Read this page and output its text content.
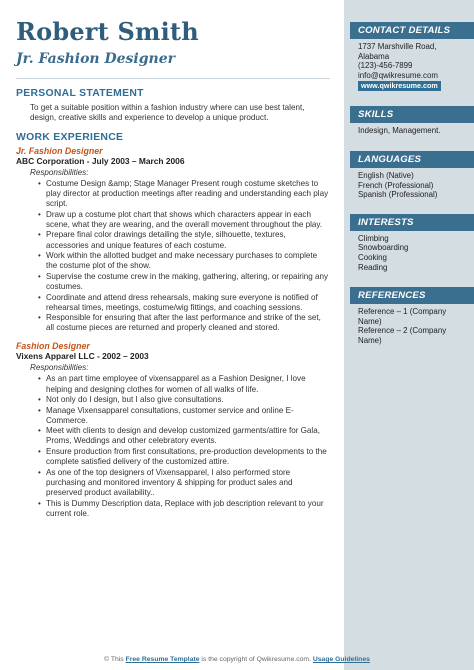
Robert Smith
Jr. Fashion Designer
PERSONAL STATEMENT
To get a suitable position within a fashion industry where can use best talent, design, creative skills and experience to develop a unique product.
WORK EXPERIENCE
Jr. Fashion Designer
ABC Corporation - July 2003 – March 2006
Responsibilities:
• Costume Design &amp; Stage Manager Present rough costume sketches to play director at production meetings after reading and understanding each play script.
• Draw up a costume plot chart that shows which characters appear in each scene, what they are wearing, and the overall movement throughout the play.
• Prepare final color drawings detailing the style, silhouette, textures, accessories and unique features of each costume.
• Work within the allotted budget and make necessary purchases to complete the costume plot of the show.
• Supervise the costume crew in the making, gathering, altering, or repairing any costumes.
• Coordinate and attend dress rehearsals, making sure everyone is notified of rehearsal times, meetings, costume/wig fittings, and coaching sessions.
• Responsible for ensuring that after the last performance and strike of the set, all costume pieces are returned and properly cleaned and stored.
Fashion Designer
Vixens Apparel LLC - 2002 – 2003
Responsibilities:
• As an part time employee of vixensapparel as a Fashion Designer, I love helping and designing clothes for women of all walks of life.
• Not only do I design, but I also give consultations.
• Manage Vixensapparel consultations, customer service and online E-Commerce.
• Meet with clients to design and develop customized garments/attire for Gala, Proms, Weddings and other celebratory events.
• Ensure production from first consultations, pre-production developments to the complete satisfied delivery of the customized attire.
• As one of the top designers of Vixensapparel, I also performed store purchasing and monitored inventory & shipping for product sales and preserved product availability..
• This is Dummy Description data, Replace with job description relevant to your current role.
CONTACT DETAILS
1737 Marshville Road,
Alabama
(123)-456-7899
info@qwikresume.com
www.qwikresume.com
SKILLS
Indesign, Management.
LANGUAGES
English (Native)
French (Professional)
Spanish (Professional)
INTERESTS
Climbing
Snowboarding
Cooking
Reading
REFERENCES
Reference – 1 (Company Name)
Reference – 2 (Company Name)
© This Free Resume Template is the copyright of Qwikresume.com. Usage Guidelines
